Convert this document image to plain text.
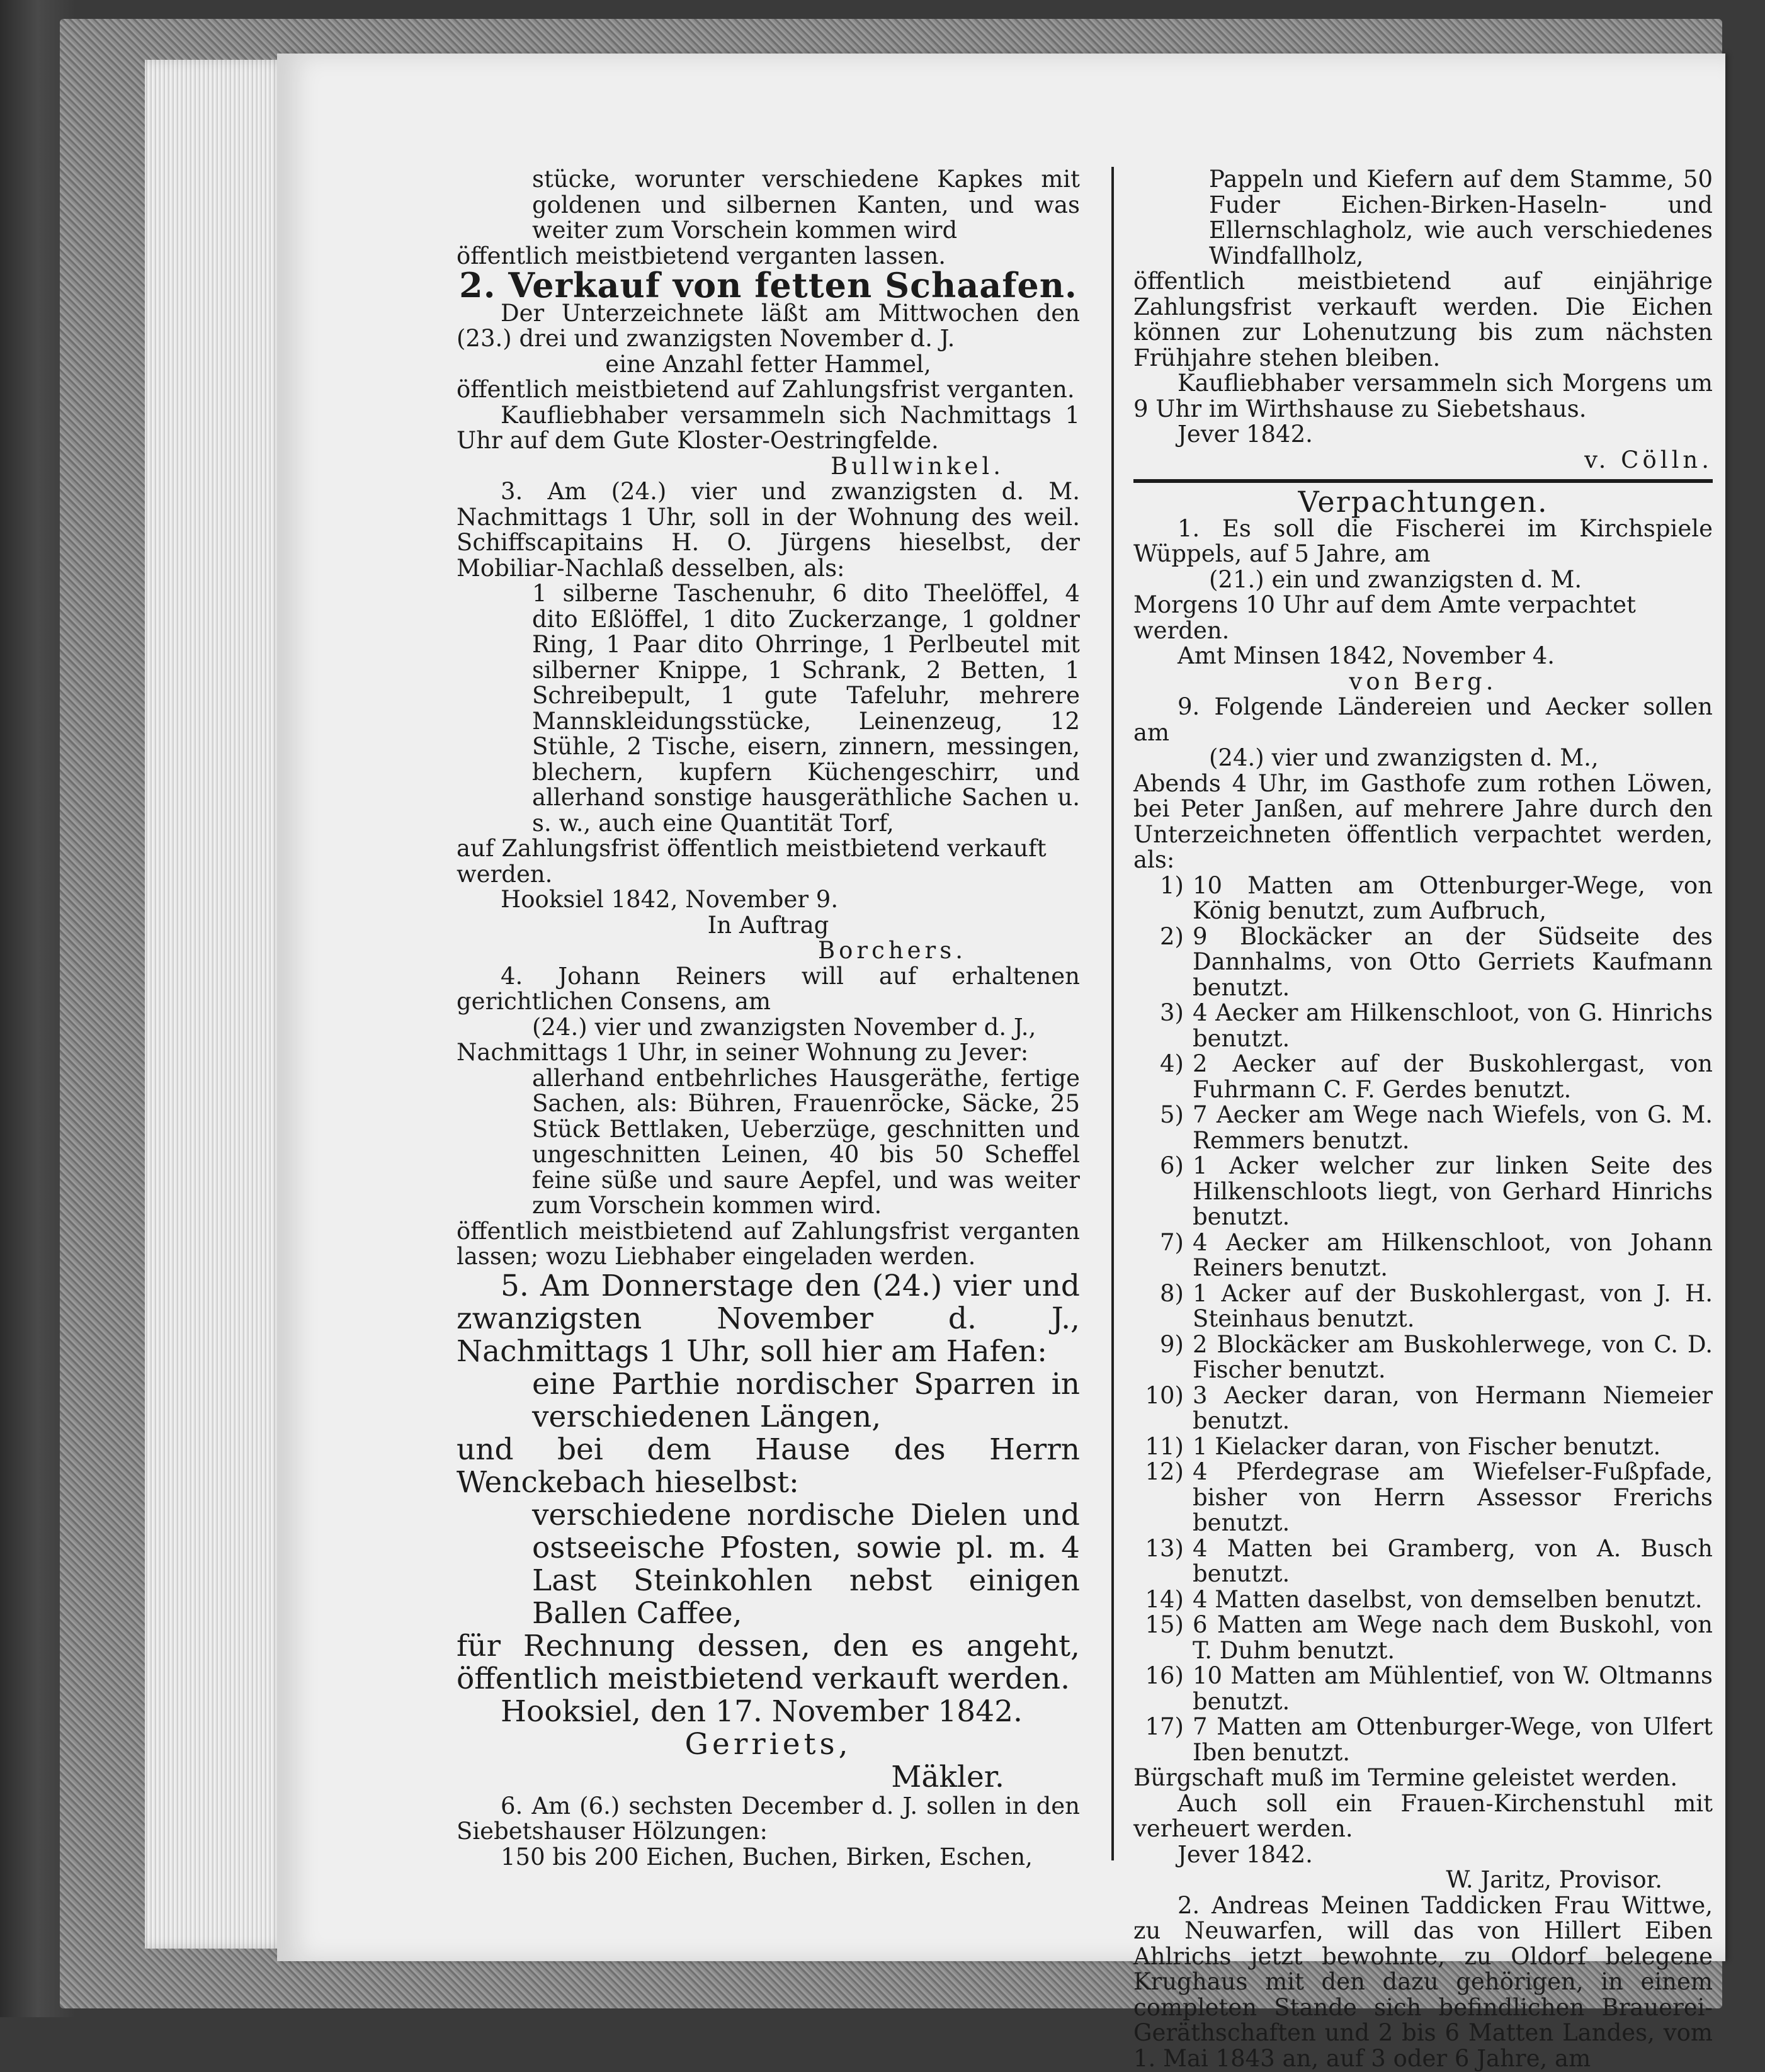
stücke, worunter verschiedene Kapkes mit goldenen und silbernen Kanten, und was weiter zum Vorschein kommen wird

öffentlich meistbietend verganten lassen.

2. Verkauf von fetten Schaafen.

Der Unterzeichnete läßt am Mittwochen den (23.) drei und zwanzigsten November d. J.

eine Anzahl fetter Hammel,

öffentlich meistbietend auf Zahlungsfrist verganten.

Kaufliebhaber versammeln sich Nachmittags 1 Uhr auf dem Gute Kloster-Oestringfelde.

Bullwinkel.

3. Am (24.) vier und zwanzigsten d. M. Nachmittags 1 Uhr, soll in der Wohnung des weil. Schiffscapitains H. O. Jürgens hieselbst, der Mobiliar-Nachlaß desselben, als:

1 silberne Taschenuhr, 6 dito Theelöffel, 4 dito Eßlöffel, 1 dito Zuckerzange, 1 goldner Ring, 1 Paar dito Ohrringe, 1 Perlbeutel mit silberner Knippe, 1 Schrank, 2 Betten, 1 Schreibepult, 1 gute Tafeluhr, mehrere Mannskleidungsstücke, Leinenzeug, 12 Stühle, 2 Tische, eisern, zinnern, messingen, blechern, kupfern Küchengeschirr, und allerhand sonstige hausgeräthliche Sachen u. s. w., auch eine Quantität Torf,

auf Zahlungsfrist öffentlich meistbietend verkauft werden.

Hooksiel 1842, November 9.

In Auftrag

Borchers.

4. Johann Reiners will auf erhaltenen gerichtlichen Consens, am

(24.) vier und zwanzigsten November d. J.,

Nachmittags 1 Uhr, in seiner Wohnung zu Jever:

allerhand entbehrliches Hausgeräthe, fertige Sachen, als: Bühren, Frauenröcke, Säcke, 25 Stück Bettlaken, Ueberzüge, geschnitten und ungeschnitten Leinen, 40 bis 50 Scheffel feine süße und saure Aepfel, und was weiter zum Vorschein kommen wird.

öffentlich meistbietend auf Zahlungsfrist verganten lassen; wozu Liebhaber eingeladen werden.

5. Am Donnerstage den (24.) vier und zwanzigsten November d. J., Nachmittags 1 Uhr, soll hier am Hafen:

eine Parthie nordischer Sparren in verschiedenen Längen,

und bei dem Hause des Herrn Wenckebach hieselbst:

verschiedene nordische Dielen und ostseeische Pfosten, sowie pl. m. 4 Last Steinkohlen nebst einigen Ballen Caffee,

für Rechnung dessen, den es angeht, öffentlich meistbietend verkauft werden.

Hooksiel, den 17. November 1842.

Gerriets,

Mäkler.

6. Am (6.) sechsten December d. J. sollen in den Siebetshauser Hölzungen:

150 bis 200 Eichen, Buchen, Birken, Eschen,

Pappeln und Kiefern auf dem Stamme, 50 Fuder Eichen-Birken-Haseln- und Ellernschlagholz, wie auch verschiedenes Windfallholz,

öffentlich meistbietend auf einjährige Zahlungsfrist verkauft werden. Die Eichen können zur Lohenutzung bis zum nächsten Frühjahre stehen bleiben.

Kaufliebhaber versammeln sich Morgens um 9 Uhr im Wirthshause zu Siebetshaus.

Jever 1842.

v. Cölln.

Verpachtungen.

1. Es soll die Fischerei im Kirchspiele Wüppels, auf 5 Jahre, am

(21.) ein und zwanzigsten d. M.

Morgens 10 Uhr auf dem Amte verpachtet werden.

Amt Minsen 1842, November 4.

von Berg.

9. Folgende Ländereien und Aecker sollen am

(24.) vier und zwanzigsten d. M.,

Abends 4 Uhr, im Gasthofe zum rothen Löwen, bei Peter Janßen, auf mehrere Jahre durch den Unterzeichneten öffentlich verpachtet werden, als:

1) 10 Matten am Ottenburger-Wege, von König benutzt, zum Aufbruch,
2) 9 Blockäcker an der Südseite des Dannhalms, von Otto Gerriets Kaufmann benutzt.
3) 4 Aecker am Hilkenschloot, von G. Hinrichs benutzt.
4) 2 Aecker auf der Buskohlergast, von Fuhrmann C. F. Gerdes benutzt.
5) 7 Aecker am Wege nach Wiefels, von G. M. Remmers benutzt.
6) 1 Acker welcher zur linken Seite des Hilkenschloots liegt, von Gerhard Hinrichs benutzt.
7) 4 Aecker am Hilkenschloot, von Johann Reiners benutzt.
8) 1 Acker auf der Buskohlergast, von J. H. Steinhaus benutzt.
9) 2 Blockäcker am Buskohlerwege, von C. D. Fischer benutzt.
10) 3 Aecker daran, von Hermann Niemeier benutzt.
11) 1 Kielacker daran, von Fischer benutzt.
12) 4 Pferdegrase am Wiefelser-Fußpfade, bisher von Herrn Assessor Frerichs benutzt.
13) 4 Matten bei Gramberg, von A. Busch benutzt.
14) 4 Matten daselbst, von demselben benutzt.
15) 6 Matten am Wege nach dem Buskohl, von T. Duhm benutzt.
16) 10 Matten am Mühlentief, von W. Oltmanns benutzt.
17) 7 Matten am Ottenburger-Wege, von Ulfert Iben benutzt.

Bürgschaft muß im Termine geleistet werden.

Auch soll ein Frauen-Kirchenstuhl mit verheuert werden.

Jever 1842.

W. Jaritz, Provisor.

2. Andreas Meinen Taddicken Frau Wittwe, zu Neuwarfen, will das von Hillert Eiben Ahlrichs jetzt bewohnte, zu Oldorf belegene Krughaus mit den dazu gehörigen, in einem completen Stande sich befindlichen Brauerei-Geräthschaften und 2 bis 6 Matten Landes, vom 1. Mai 1843 an, auf 3 oder 6 Jahre, am
